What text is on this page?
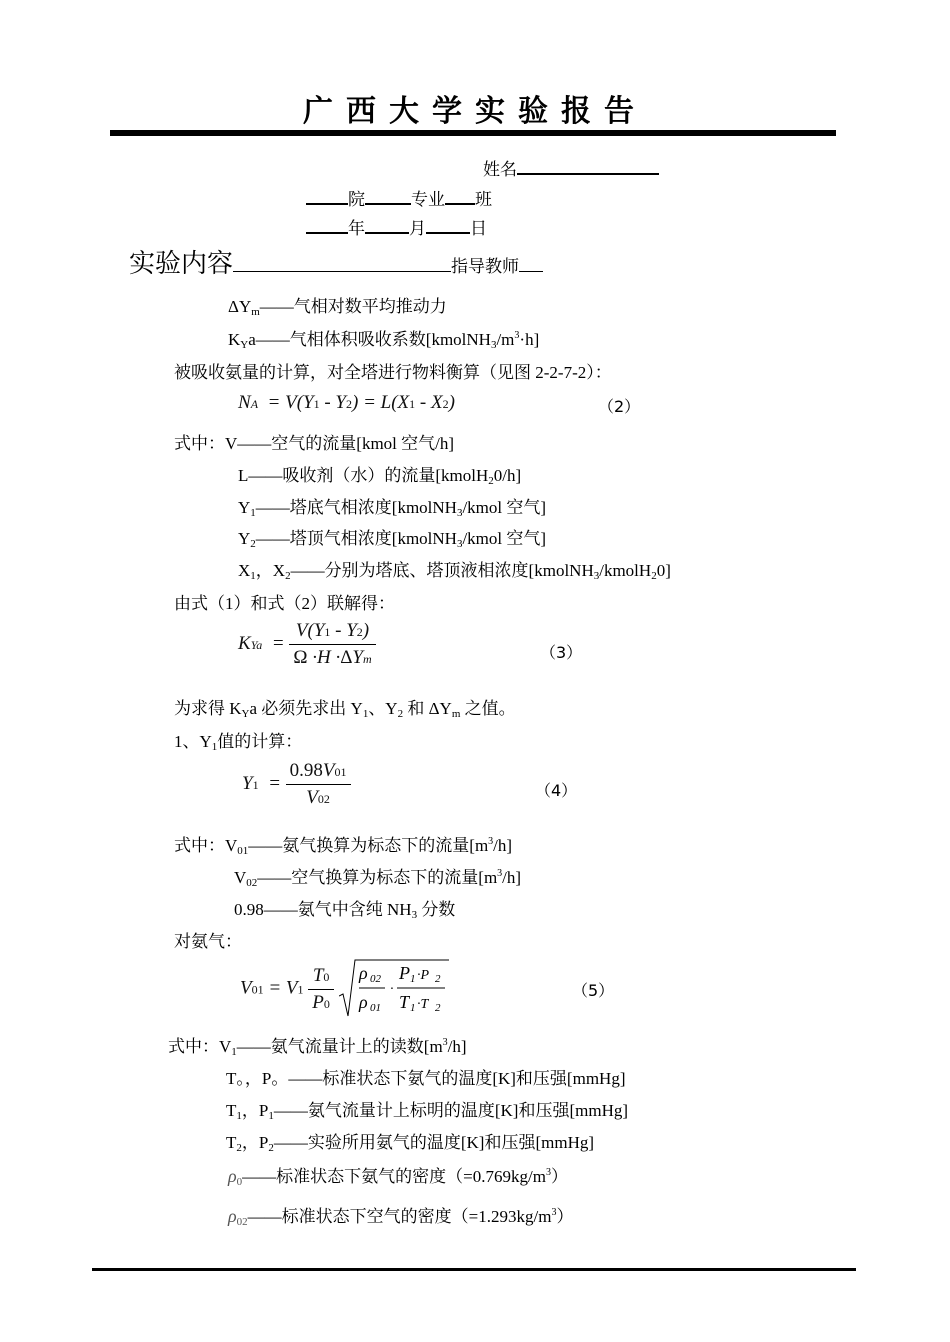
广西大学实验报告
姓名
院	专业 班
年	月	日
实验内容	指导教师
$\Delta Y_m——$气相对数平均推动力
$K_Ya——$气相体积吸收系数$[kmolNH_3/m^3\cdot h]$
被吸收氨量的计算，对全塔进行物料衡算（见图 2-2-7-2）：
NA  = V(Y1 - Y2) = L(X1 - X2)	（2）
式中：V——空气的流量[kmol 空气/h]
L——吸收剂（水）的流量[kmolH$_2$0/h]
$Y_1——$塔底气相浓度[kmolNH$_3$/kmol 空气]
$Y_2——$塔顶气相浓度[kmolNH$_3$/kmol 空气]
$X_1$，$X_2——$分别为塔底、塔顶液相浓度[kmolNH$_3$/kmolH$_2$0]
由式（1）和式（2）联解得：
KYa  = $\frac{V(Y1 - Y2)}{\text{Ω ·H ·ΔYm}}$	（3）
为求得 $K_Ya$ 必须先求出 $Y_1$、$Y_2$ 和 $\Delta Y_m$ 之值。
1、$Y_1$值的计算：
$Y1 = \frac{0.98V01}{V02}$	（4）
式中：$V_{01}——$氨气换算为标态下的流量$[m^3/h]$
$V_{02}——$空气换算为标态下的流量$[m^3/h]$
0.98——氨气中含纯 $NH_3$ 分数
对氨气：
$V01 = V1 \frac{T0}{P0}$
ρ 02
ρ 01
·
P 1 ·P 2
T 1 ·T 2
（5）
式中：$V_1——$氨气流量计上的读数$[m^3/h]$
T。，P。——标准状态下氨气的温度[K]和压强[mmHg]
$T_1$，$P_1——$氨气流量计上标明的温度[K]和压强[mmHg]
$T_2$，$P_2——$实验所用氨气的温度[K]和压强[mmHg]
$\rho_0——$标准状态下氨气的密度$(=0.769kg/m^3)$
$\rho_{02}——$标准状态下空气的密度$(=1.293kg/m^3)$
